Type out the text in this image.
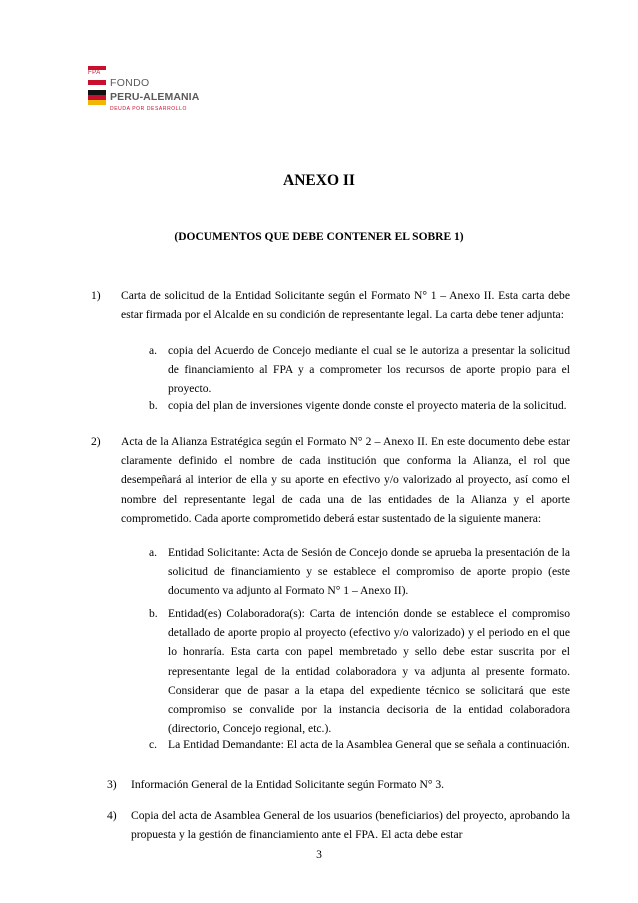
FPA
FONDO
PERU-ALEMANIA
DEUDA POR DESARROLLO
ANEXO II
(DOCUMENTOS QUE DEBE CONTENER EL SOBRE 1)
1) Carta de solicitud de la Entidad Solicitante según el Formato N° 1 – Anexo II. Esta carta debe estar firmada por el Alcalde en su condición de representante legal. La carta debe tener adjunta:
a. copia del Acuerdo de Concejo mediante el cual se le autoriza a presentar la solicitud de financiamiento al FPA y a comprometer los recursos de aporte propio para el proyecto.
b. copia del plan de inversiones vigente donde conste el proyecto materia de la solicitud.
2) Acta de la Alianza Estratégica según el Formato N° 2 – Anexo II. En este documento debe estar claramente definido el nombre de cada institución que conforma la Alianza, el rol que desempeñará al interior de ella y su aporte en efectivo y/o valorizado al proyecto, así como el nombre del representante legal de cada una de las entidades de la Alianza y el aporte comprometido. Cada aporte comprometido deberá estar sustentado de la siguiente manera:
a. Entidad Solicitante: Acta de Sesión de Concejo donde se aprueba la presentación de la solicitud de financiamiento y se establece el compromiso de aporte propio (este documento va adjunto al Formato N° 1 – Anexo II).
b. Entidad(es) Colaboradora(s): Carta de intención donde se establece el compromiso detallado de aporte propio al proyecto (efectivo y/o valorizado) y el periodo en el que lo honraría. Esta carta con papel membretado y sello debe estar suscrita por el representante legal de la entidad colaboradora y va adjunta al presente formato. Considerar que de pasar a la etapa del expediente técnico se solicitará que este compromiso se convalide por la instancia decisoria de la entidad colaboradora (directorio, Concejo regional, etc.).
c. La Entidad Demandante: El acta de la Asamblea General que se señala a continuación.
3) Información General de la Entidad Solicitante según Formato N° 3.
4) Copia del acta de Asamblea General de los usuarios (beneficiarios) del proyecto, aprobando la propuesta y la gestión de financiamiento ante el FPA. El acta debe estar
3
